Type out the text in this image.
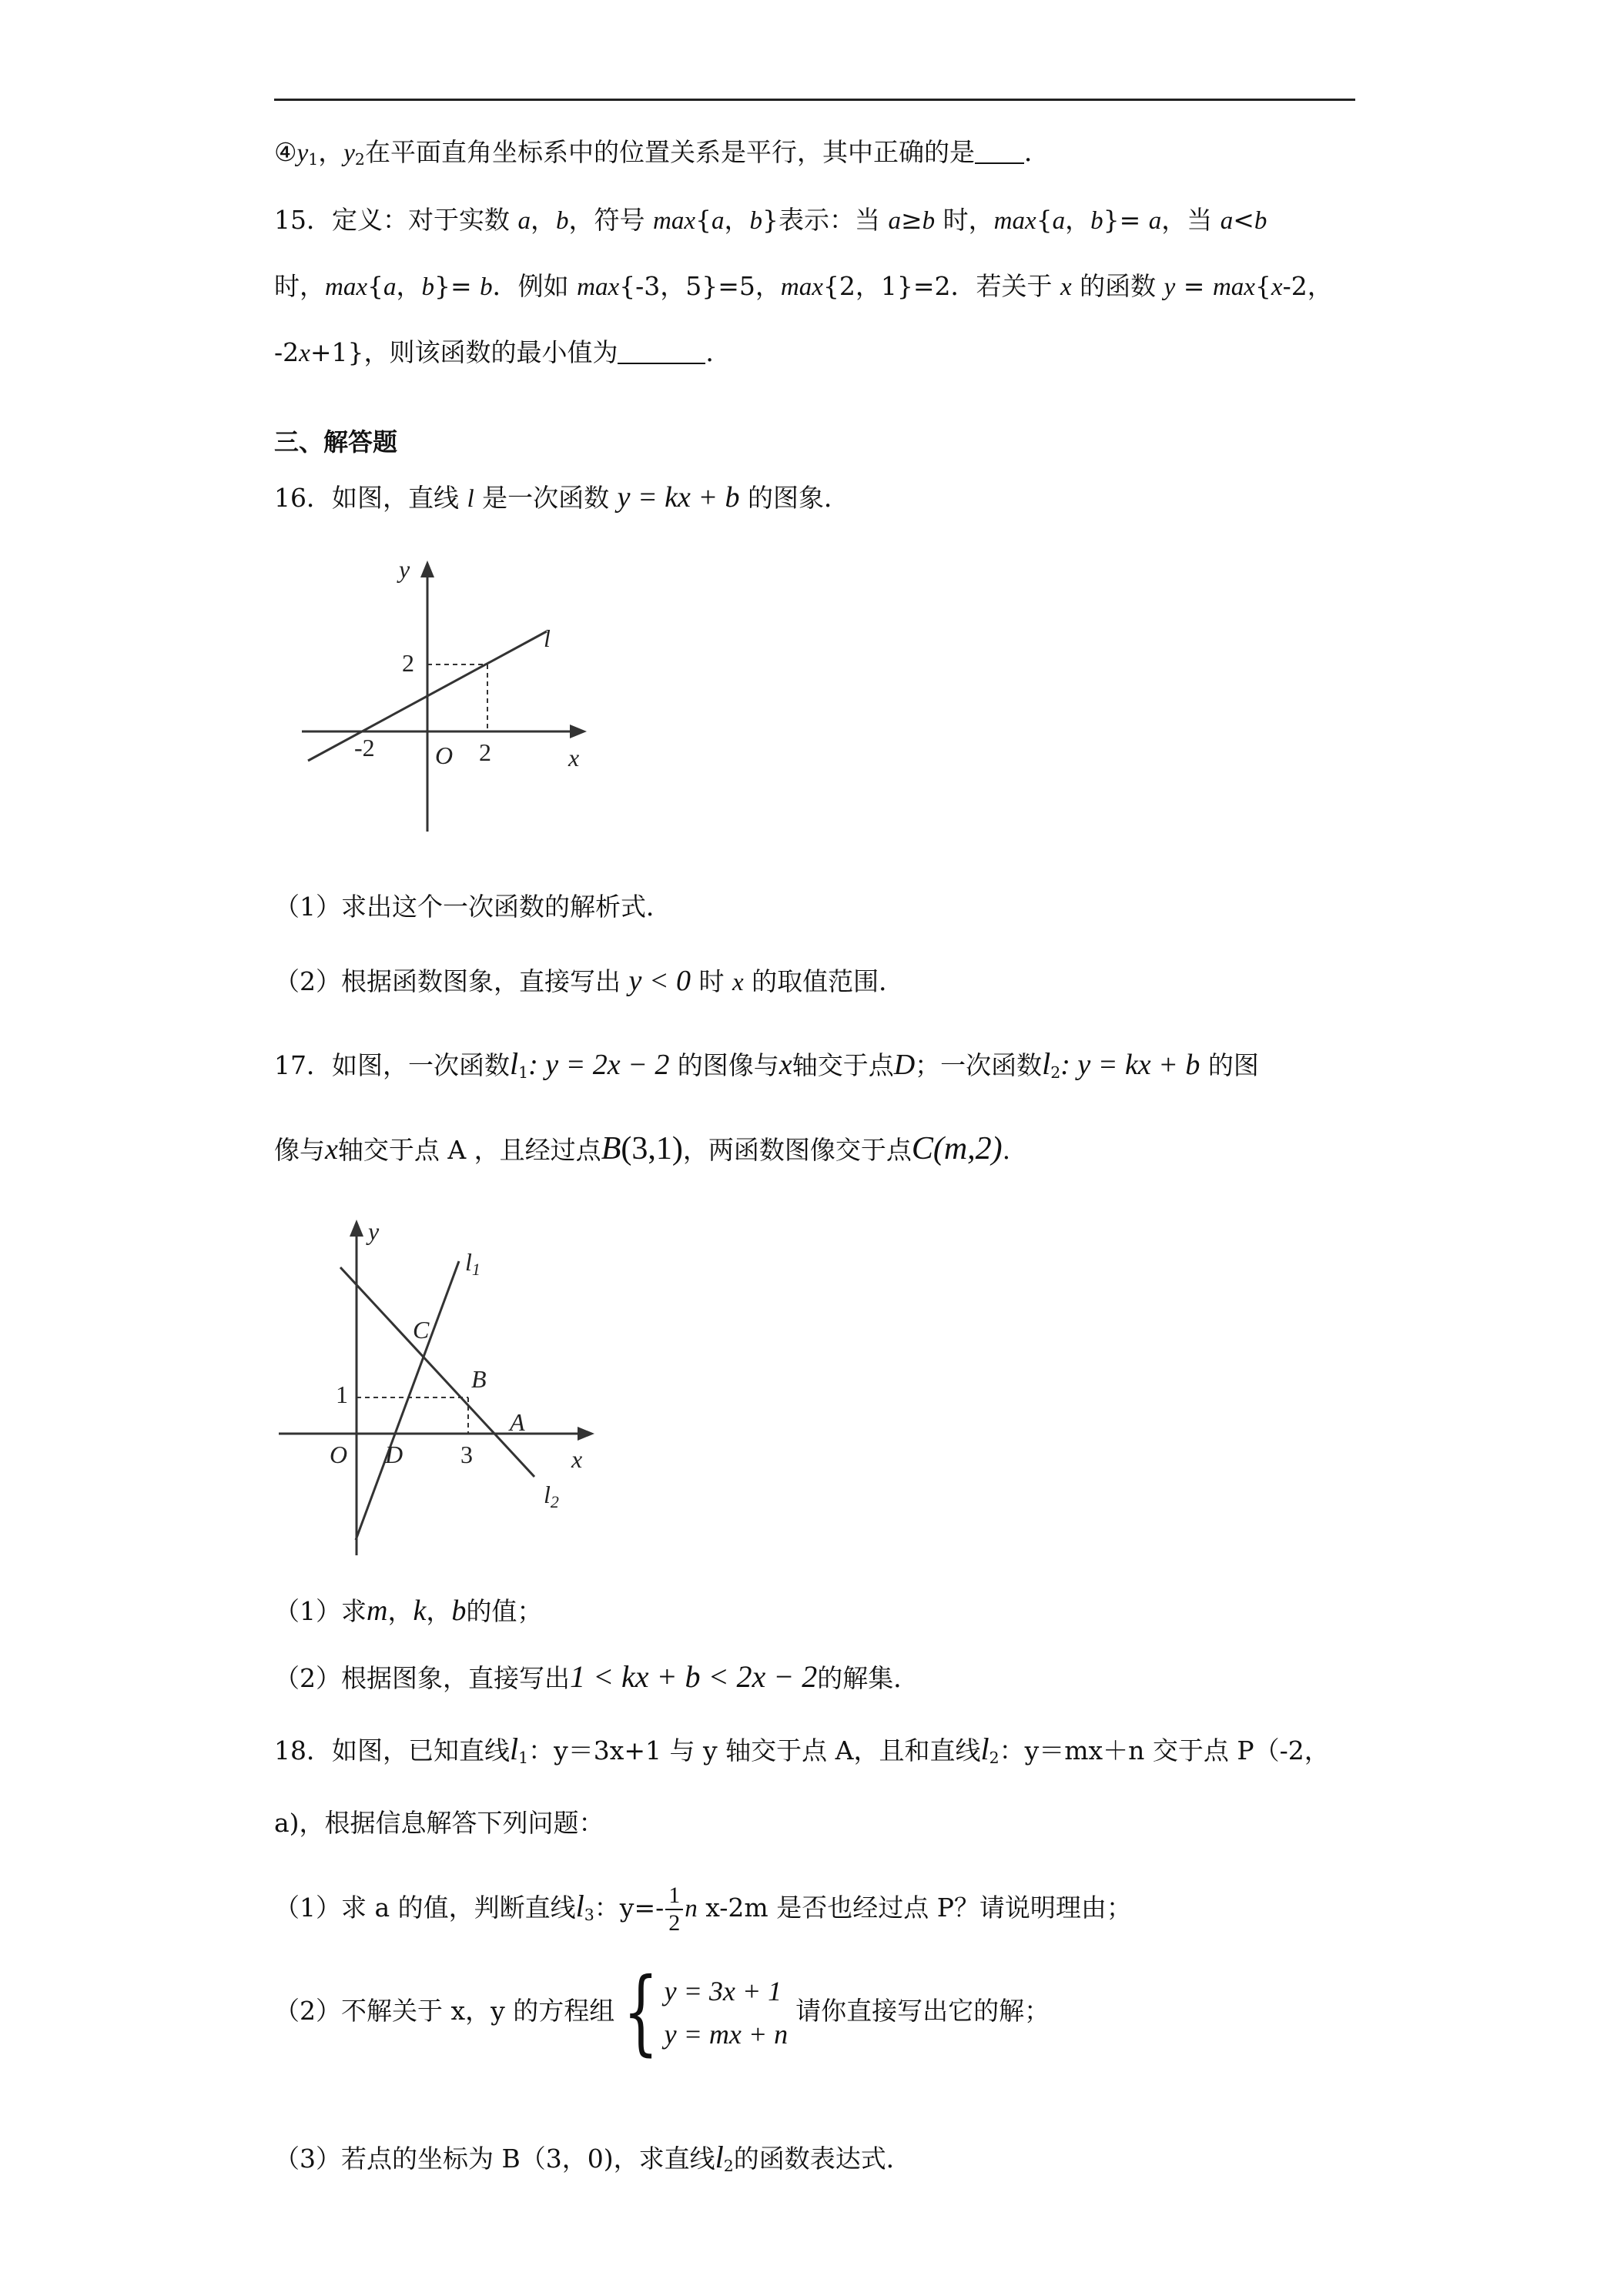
$④y_1$，$y_2$在平面直角坐标系中的位置关系是平行，其中正确的是 ．
15．定义：对于实数 a，b，符号 max{a，b}表示：当 a≥b 时，max{a，b}= a，当 a<b
时，max{a，b}= b．例如 max{-3，5}=5，max{2，1}=2．若关于 x 的函数 y = max{x-2，
-2x+1}，则该函数的最小值为	．
三、解答题
16．如图，直线 l 是一次函数 y = kx + b 的图象．
y
l
2
-2 O 2	x
（1）求出这个一次函数的解析式．
（2）根据函数图象，直接写出 y < 0 时 x 的取值范围．
17．如图，一次函数$l_1$: y = 2x − 2 的图像与x轴交于点D；一次函数$l_2$: y = kx + b 的图
像与x轴交于点 A ，且经过点B(3,1)，两函数图像交于点C(m,2).
y
l1
C
B
1
A
O D 3	x
l2
（1）求m，k，b的值；
（2）根据图象，直接写出1 < kx + b < 2x − 2的解集．
18．如图，已知直线$l_1$：y＝3x+1 与 y 轴交于点 A，且和直线$l_2$：y＝mx＋n 交于点 P（-2，
a)，根据信息解答下列问题：
（1）求 a 的值，判断直线$l_3$：$y=- \frac{1}{2}$ n x-2m 是否也经过点 P？请说明理由；
（2）不解关于 x，y 的方程组{ y = 3x + 1
y = mx + n
请你直接写出它的解；
（3）若点的坐标为 B（3，0)，求直线$l_2$的函数表达式．
